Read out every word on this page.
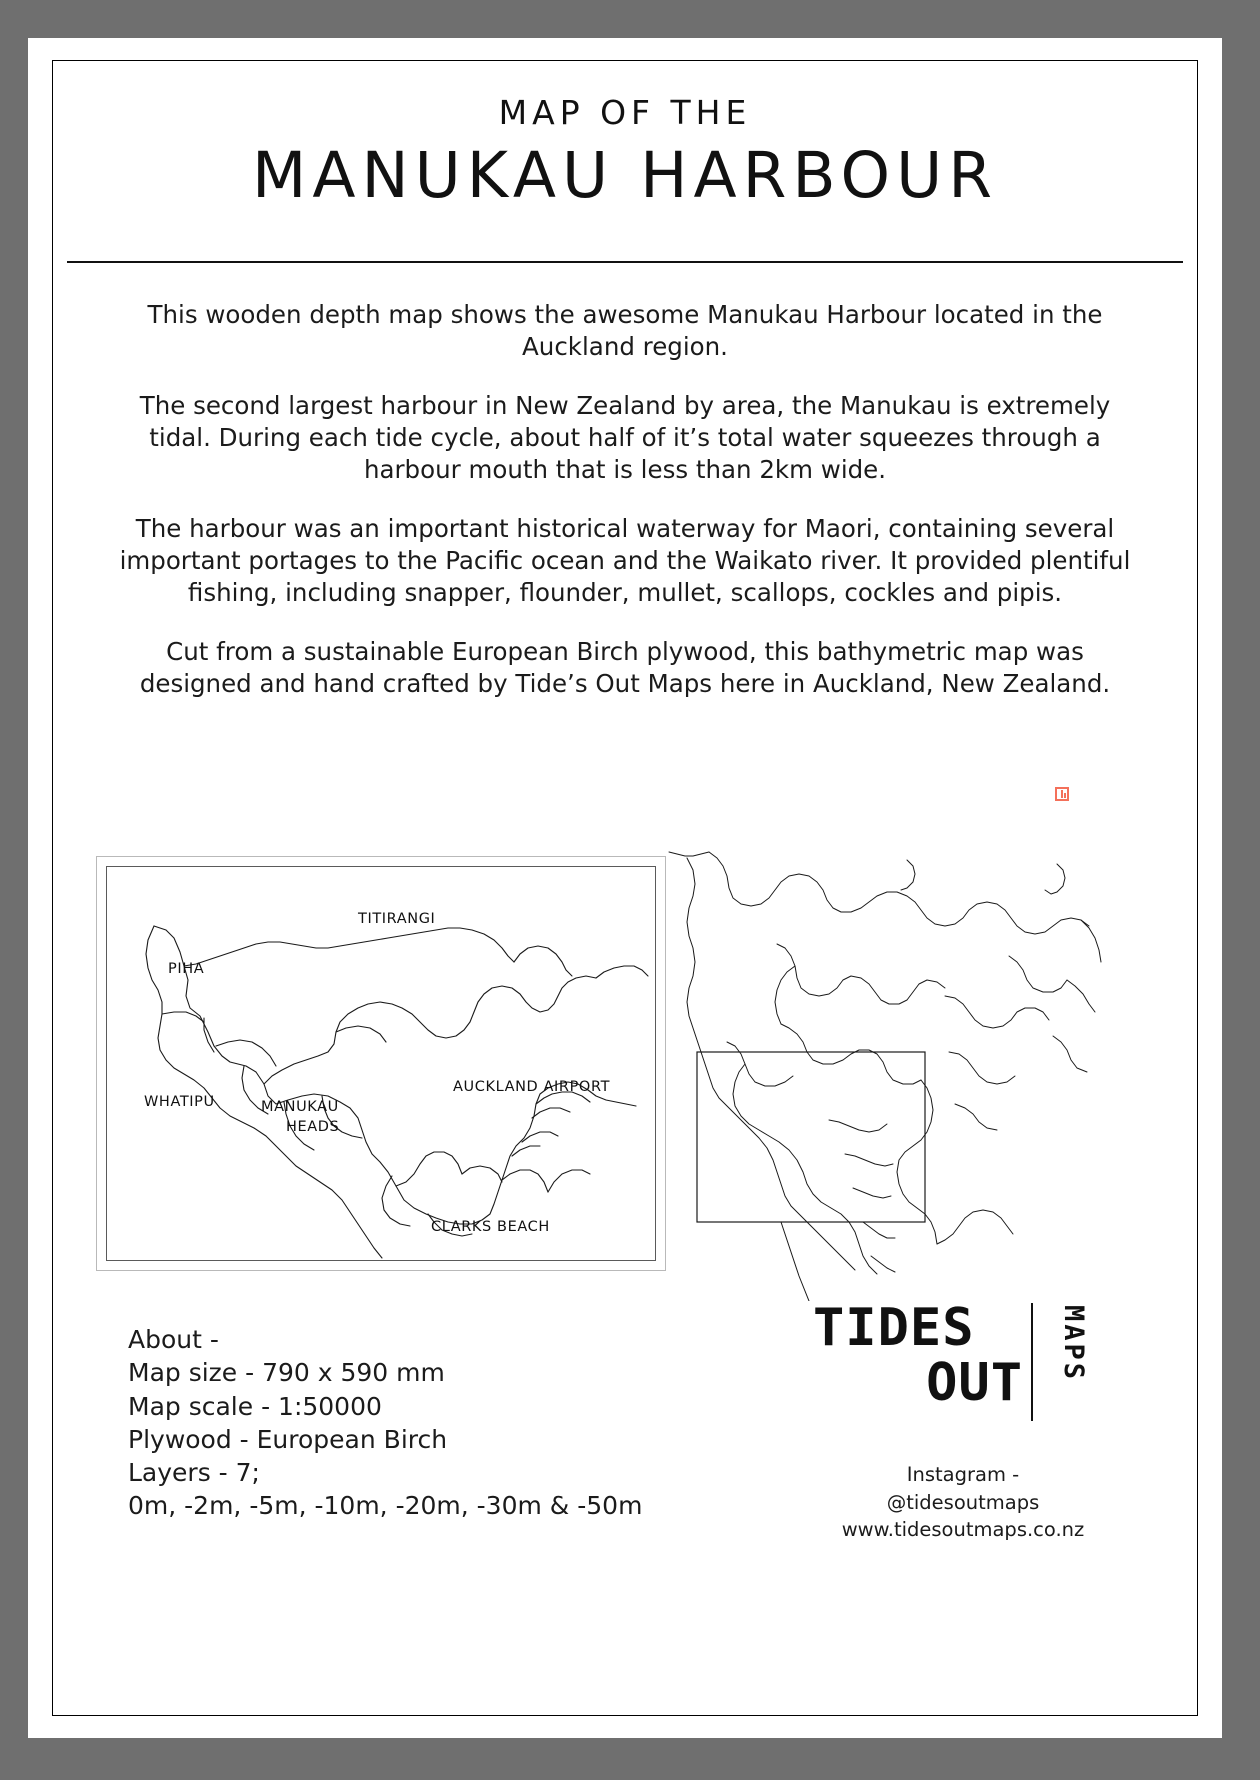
MAP OF THE
MANUKAU HARBOUR

This wooden depth map shows the awesome Manukau Harbour located in the Auckland region.

The second largest harbour in New Zealand by area, the Manukau is extremely tidal. During each tide cycle, about half of it’s total water squeezes through a harbour mouth that is less than 2km wide.

The harbour was an important historical waterway for Maori, containing several important portages to the Pacific ocean and the Waikato river. It provided plentiful fishing, including snapper, flounder, mullet, scallops, cockles and pipis.

Cut from a sustainable European Birch plywood, this bathymetric map was designed and hand crafted by Tide’s Out Maps here in Auckland, New Zealand.

TITIRANGI
PIHA
WHATIPU	MANUKAU
HEADS
AUCKLAND AIRPORT
CLARKS BEACH
About -
Map size - 790 x 590 mm
Map scale - 1:50000
Plywood - European Birch
Layers - 7;
0m, -2m, -5m, -10m, -20m, -30m & -50m
TIDES
OUT
MAPS
Instagram -
@tidesoutmaps
www.tidesoutmaps.co.nz
